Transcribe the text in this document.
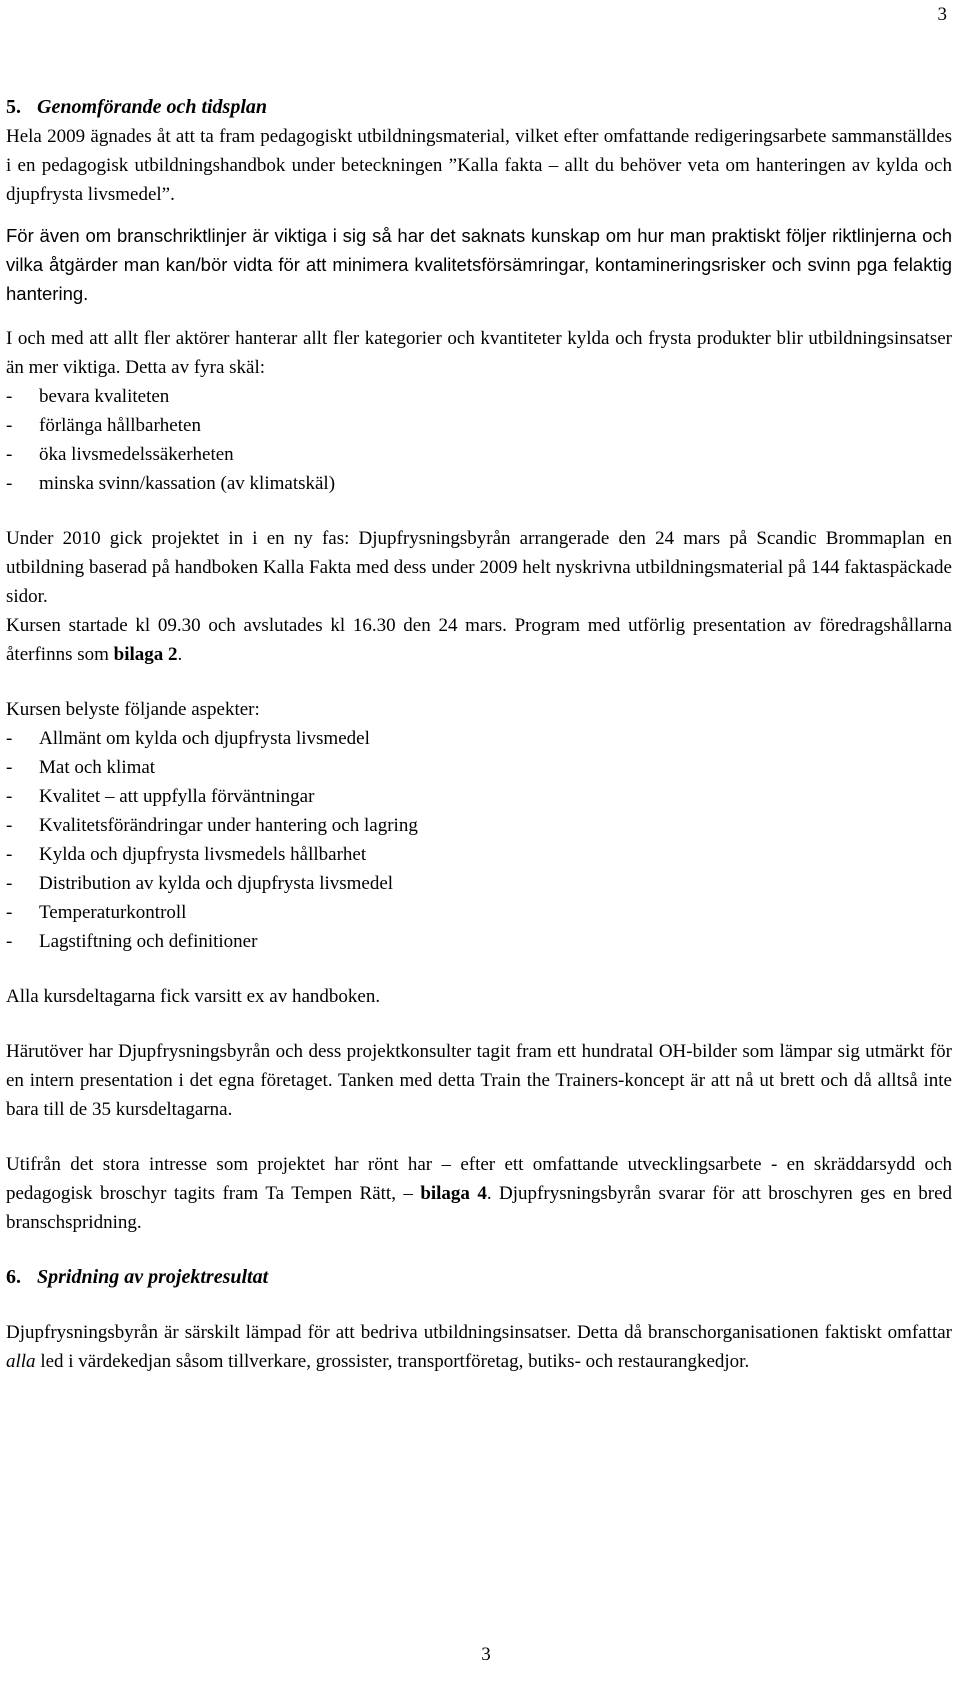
3
5. Genomförande och tidsplan

Hela 2009 ägnades åt att ta fram pedagogiskt utbildningsmaterial, vilket efter omfattande redigeringsarbete sammanställdes i en pedagogisk utbildningshandbok under beteckningen ”Kalla fakta – allt du behöver veta om hanteringen av kylda och djupfrysta livsmedel”.

För även om branschriktlinjer är viktiga i sig så har det saknats kunskap om hur man praktiskt följer riktlinjerna och vilka åtgärder man kan/bör vidta för att minimera kvalitetsförsämringar, kontamineringsrisker och svinn pga felaktig hantering.

I och med att allt fler aktörer hanterar allt fler kategorier och kvantiteter kylda och frysta produkter blir utbildningsinsatser än mer viktiga. Detta av fyra skäl:

- bevara kvaliteten
- förlänga hållbarheten
- öka livsmedelssäkerheten
- minska svinn/kassation (av klimatskäl)

Under 2010 gick projektet in i en ny fas: Djupfrysningsbyrån arrangerade den 24 mars på Scandic Brommaplan en utbildning baserad på handboken Kalla Fakta med dess under 2009 helt nyskrivna utbildningsmaterial på 144 faktaspäckade sidor.

Kursen startade kl 09.30 och avslutades kl 16.30 den 24 mars. Program med utförlig presentation av föredragshållarna återfinns som bilaga 2.

Kursen belyste följande aspekter:

- Allmänt om kylda och djupfrysta livsmedel
- Mat och klimat
- Kvalitet – att uppfylla förväntningar
- Kvalitetsförändringar under hantering och lagring
- Kylda och djupfrysta livsmedels hållbarhet
- Distribution av kylda och djupfrysta livsmedel
- Temperaturkontroll
- Lagstiftning och definitioner

Alla kursdeltagarna fick varsitt ex av handboken.

Härutöver har Djupfrysningsbyrån och dess projektkonsulter tagit fram ett hundratal OH-bilder som lämpar sig utmärkt för en intern presentation i det egna företaget. Tanken med detta Train the Trainers-koncept är att nå ut brett och då alltså inte bara till de 35 kursdeltagarna.

Utifrån det stora intresse som projektet har rönt har – efter ett omfattande utvecklingsarbete - en skräddarsydd och pedagogisk broschyr tagits fram Ta Tempen Rätt, – bilaga 4. Djupfrysningsbyrån svarar för att broschyren ges en bred branschspridning.

6. Spridning av projektresultat

Djupfrysningsbyrån är särskilt lämpad för att bedriva utbildningsinsatser. Detta då branschorganisationen faktiskt omfattar alla led i värdekedjan såsom tillverkare, grossister, transportföretag, butiks- och restaurangkedjor.

3
